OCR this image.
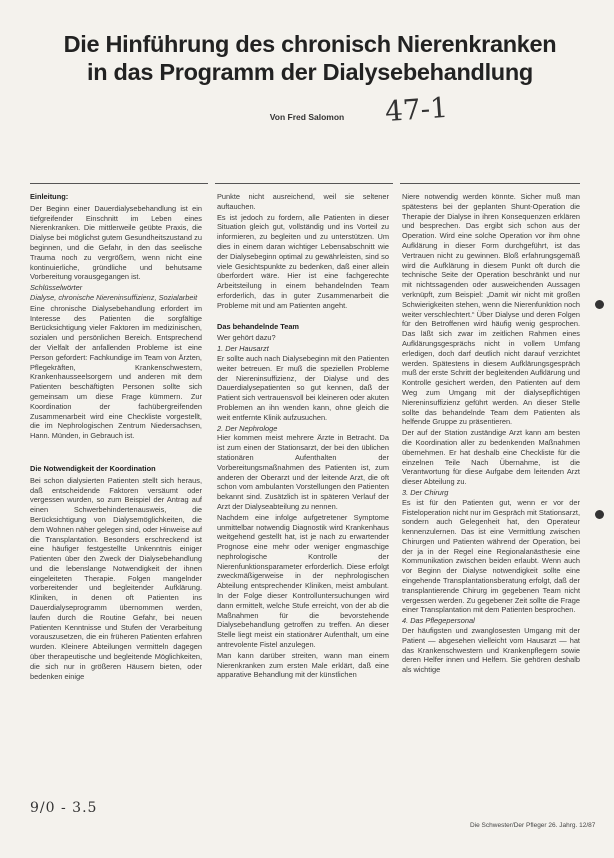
Die Hinführung des chronisch Nierenkranken
in das Programm der Dialysebehandlung
47-1
Von Fred Salomon
Einleitung:

Der Beginn einer Dauerdialysebehandlung ist ein tiefgreifender Einschnitt im Leben eines Nierenkranken. Die mittlerweile geübte Praxis, die Dialyse bei möglichst gutem Gesundheitszustand zu beginnen, und die Gefahr, in den das seelische Trauma noch zu vergrößern, wenn nicht eine kontinuierliche, gründliche und behutsame Vorbereitung vorausgegangen ist.

Schlüsselwörter

Dialyse, chronische Niereninsuffizienz, Sozialarbeit

Eine chronische Dialysebehandlung erfordert im Interesse des Patienten die sorgfältige Berücksichtigung vieler Faktoren im medizinischen, sozialen und persönlichen Bereich. Entsprechend der Vielfalt der anfallenden Probleme ist eine Person gefordert: Fachkundige im Team von Ärzten, Pflegekräften, Krankenschwestern, Krankenhausseelsorgern und anderen mit dem Patienten beschäftigten Personen sollte sich gemeinsam um diese Frage kümmern. Zur Koordination der fachübergreifenden Zusammenarbeit wird eine Checkliste vorgestellt, die im Nephrologischen Zentrum Niedersachsen, Hann. Münden, in Gebrauch ist.

Die Notwendigkeit der Koordination

Bei schon dialysierten Patienten stellt sich heraus, daß entscheidende Faktoren versäumt oder vergessen wurden, so zum Beispiel der Antrag auf einen Schwerbehindertenausweis, die Berücksichtigung von Dialysemöglichkeiten, die dem Wohnen näher gelegen sind, oder Hinweise auf die Transplantation. Besonders erschreckend ist eine häufiger festgestellte Unkenntnis einiger Patienten über den Zweck der Dialysebehandlung und die lebenslange Notwendigkeit der ihnen eingeleiteten Therapie. Folgen mangelnder vorbereitender und begleitender Aufklärung. Kliniken, in denen oft Patienten ins Dauerdialyseprogramm übernommen werden, laufen durch die Routine Gefahr, bei neuen Patienten Kenntnisse und Stufen der Verarbeitung vorauszusetzen, die ein früheren Patienten erfahren wurden. Kleinere Abteilungen vermitteln dagegen über therapeutische und begleitende Möglichkeiten, die sich nur in größeren Häusern bieten, oder bedenken einige

Punkte nicht ausreichend, weil sie seltener auftauchen.

Es ist jedoch zu fordern, alle Patienten in dieser Situation gleich gut, vollständig und ins Vorteil zu informieren, zu begleiten und zu unterstützen. Um dies in einem daran wichtiger Lebensabschnitt wie der Dialysebeginn optimal zu gewährleisten, sind so viele Gesichtspunkte zu bedenken, daß einer allein überfordert wäre. Hier ist eine fachgerechte Arbeitsteilung in einem behandelnden Team erforderlich, das in guter Zusammenarbeit die Probleme mit und am Patienten angeht.

Das behandelnde Team

Wer gehört dazu?

1. Der Hausarzt

Er sollte auch nach Dialysebeginn mit den Patienten weiter betreuen. Er muß die speziellen Probleme der Niereninsuffizienz, der Dialyse und des Dauerdialysepatienten so gut kennen, daß der Patient sich vertrauensvoll bei kleineren oder akuten Problemen an ihn wenden kann, ohne gleich die weit entfernte Klinik aufzusuchen.

2. Der Nephrologe

Hier kommen meist mehrere Ärzte in Betracht. Da ist zum einen der Stationsarzt, der bei den üblichen stationären Aufenthalten der Vorbereitungsmaßnahmen des Patienten ist, zum anderen der Oberarzt und der leitende Arzt, die oft schon vom ambulanten Vorstellungen den Patienten bekannt sind. Zusätzlich ist in späteren Verlauf der Arzt der Dialyseabteilung zu nennen.

Nachdem eine infolge aufgetretener Symptome unmittelbar notwendig Diagnostik wird Krankenhaus weitgehend gestellt hat, ist je nach zu erwartender Prognose eine mehr oder weniger engmaschige nephrologische Kontrolle der Nierenfunktionsparameter erforderlich. Diese erfolgt zweckmäßigerweise in der nephrologischen Abteilung entsprechender Kliniken, meist ambulant. In der Folge dieser Kontrolluntersuchungen wird dann ermittelt, welche Stufe erreicht, von der ab die Maßnahmen für die bevorstehende Dialysebehandlung getroffen zu treffen. An dieser Stelle liegt meist ein stationärer Aufenthalt, um eine antrevolente Fistel anzulegen.

Man kann darüber streiten, wann man einem Nierenkranken zum ersten Male erklärt, daß eine apparative Behandlung mit der künstlichen

Niere notwendig werden könnte. Sicher muß man spätestens bei der geplanten Shunt-Operation die Therapie der Dialyse in ihren Konsequenzen erklären und besprechen. Das ergibt sich schon aus der Operation. Wird eine solche Operation vor ihm ohne Aufklärung in dieser Form durchgeführt, ist das Vertrauen nicht zu gewinnen. Bloß erfahrungsgemäß wird die Aufklärung in diesem Punkt oft durch die technische Seite der Operation beschränkt und nur mit nichtssagenden oder ausweichenden Aussagen verknüpft, zum Beispiel: „Damit wir nicht mit großen Schwierigkeiten stehen, wenn die Nierenfunktion noch weiter verschlechtert.“ Über Dialyse und deren Folgen für den Betroffenen wird häufig wenig gesprochen. Das läßt sich zwar im zeitlichen Rahmen eines Aufklärungsgesprächs nicht in vollem Umfang erledigen, doch darf deutlich nicht darauf verzichtet werden. Spätestens in diesem Aufklärungsgespräch muß der erste Schritt der begleitenden Aufklärung und Kontrolle gesichert werden, den Patienten auf dem Weg zum Umgang mit der dialysepflichtigen Niereninsuffizienz geführt werden. An dieser Stelle sollte das behandelnde Team dem Patienten als helfende Gruppe zu präsentieren.

Der auf der Station zuständige Arzt kann am besten die Koordination aller zu bedenkenden Maßnahmen übernehmen. Er hat deshalb eine Checkliste für die einzelnen Teile Nach Übernahme, ist die Verantwortung für diese Aufgabe dem leitenden Arzt dieser Abteilung zu.

3. Der Chirurg

Es ist für den Patienten gut, wenn er vor der Fisteloperation nicht nur im Gespräch mit Stationsarzt, sondern auch Gelegenheit hat, den Operateur kennenzulernen. Das ist eine Vermittlung zwischen Chirurgen und Patienten während der Operation, bei der ja in der Regel eine Regionalanästhesie eine Kommunikation zwischen beiden erlaubt. Wenn auch vor Beginn der Dialyse notwendigkeit sollte eine eingehende Transplantationsberatung erfolgt, daß der transplantierende Chirurg im gegebenen Team nicht vergessen werden. Zu gegebener Zeit sollte die Frage einer Transplantation mit dem Patienten besprochen.

4. Das Pflegepersonal

Der häufigsten und zwanglosesten Umgang mit der Patient — abgesehen vielleicht vom Hausarzt — hat das Krankenschwestern und Krankenpflegern sowie deren Helfer innen und Helfern. Sie gehören deshalb als wichtige

9/0 - 3.5
Die Schwester/Der Pfleger 26. Jahrg. 12/87
